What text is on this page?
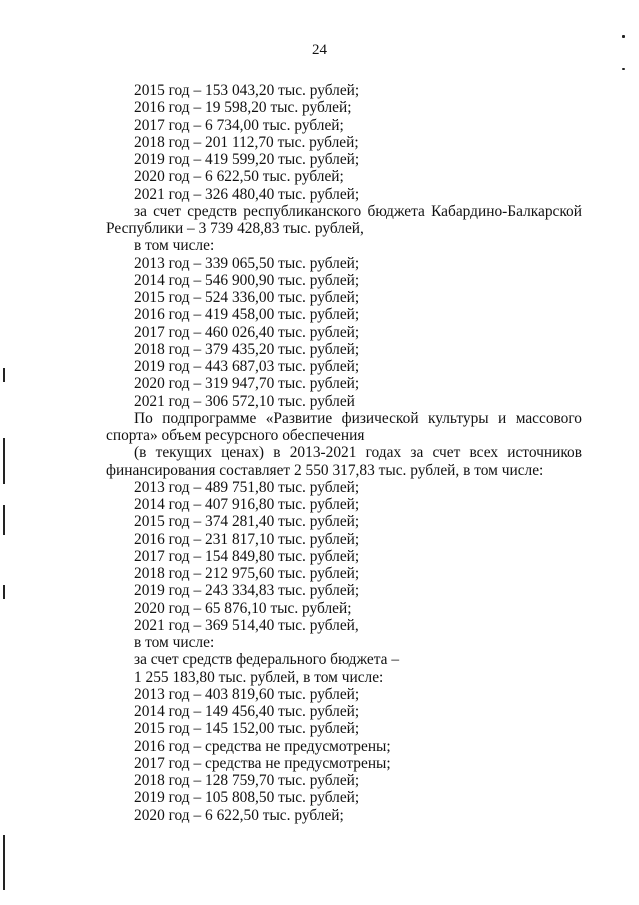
24
2015 год – 153 043,20 тыс. рублей;
2016 год – 19 598,20 тыс. рублей;
2017 год – 6 734,00 тыс. рублей;
2018 год – 201 112,70 тыс. рублей;
2019 год – 419 599,20 тыс. рублей;
2020 год – 6 622,50 тыс. рублей;
2021 год – 326 480,40 тыс. рублей;
за счет средств республиканского бюджета Кабардино-Балкарской
Республики – 3 739 428,83 тыс. рублей,
в том числе:
2013 год – 339 065,50 тыс. рублей;
2014 год – 546 900,90 тыс. рублей;
2015 год – 524 336,00 тыс. рублей;
2016 год – 419 458,00 тыс. рублей;
2017 год – 460 026,40 тыс. рублей;
2018 год – 379 435,20 тыс. рублей;
2019 год – 443 687,03 тыс. рублей;
2020 год – 319 947,70 тыс. рублей;
2021 год – 306 572,10 тыс. рублей
По подпрограмме «Развитие физической культуры и массового
спорта» объем ресурсного обеспечения
(в текущих ценах) в 2013-2021 годах за счет всех источников
финансирования составляет 2 550 317,83 тыс. рублей, в том числе:
2013 год – 489 751,80 тыс. рублей;
2014 год – 407 916,80 тыс. рублей;
2015 год – 374 281,40 тыс. рублей;
2016 год – 231 817,10 тыс. рублей;
2017 год – 154 849,80 тыс. рублей;
2018 год – 212 975,60 тыс. рублей;
2019 год – 243 334,83 тыс. рублей;
2020 год – 65 876,10 тыс. рублей;
2021 год – 369 514,40 тыс. рублей,
в том числе:
за счет средств федерального бюджета –
1 255 183,80 тыс. рублей, в том числе:
2013 год – 403 819,60 тыс. рублей;
2014 год – 149 456,40 тыс. рублей;
2015 год – 145 152,00 тыс. рублей;
2016 год – средства не предусмотрены;
2017 год – средства не предусмотрены;
2018 год – 128 759,70 тыс. рублей;
2019 год – 105 808,50 тыс. рублей;
2020 год – 6 622,50 тыс. рублей;
